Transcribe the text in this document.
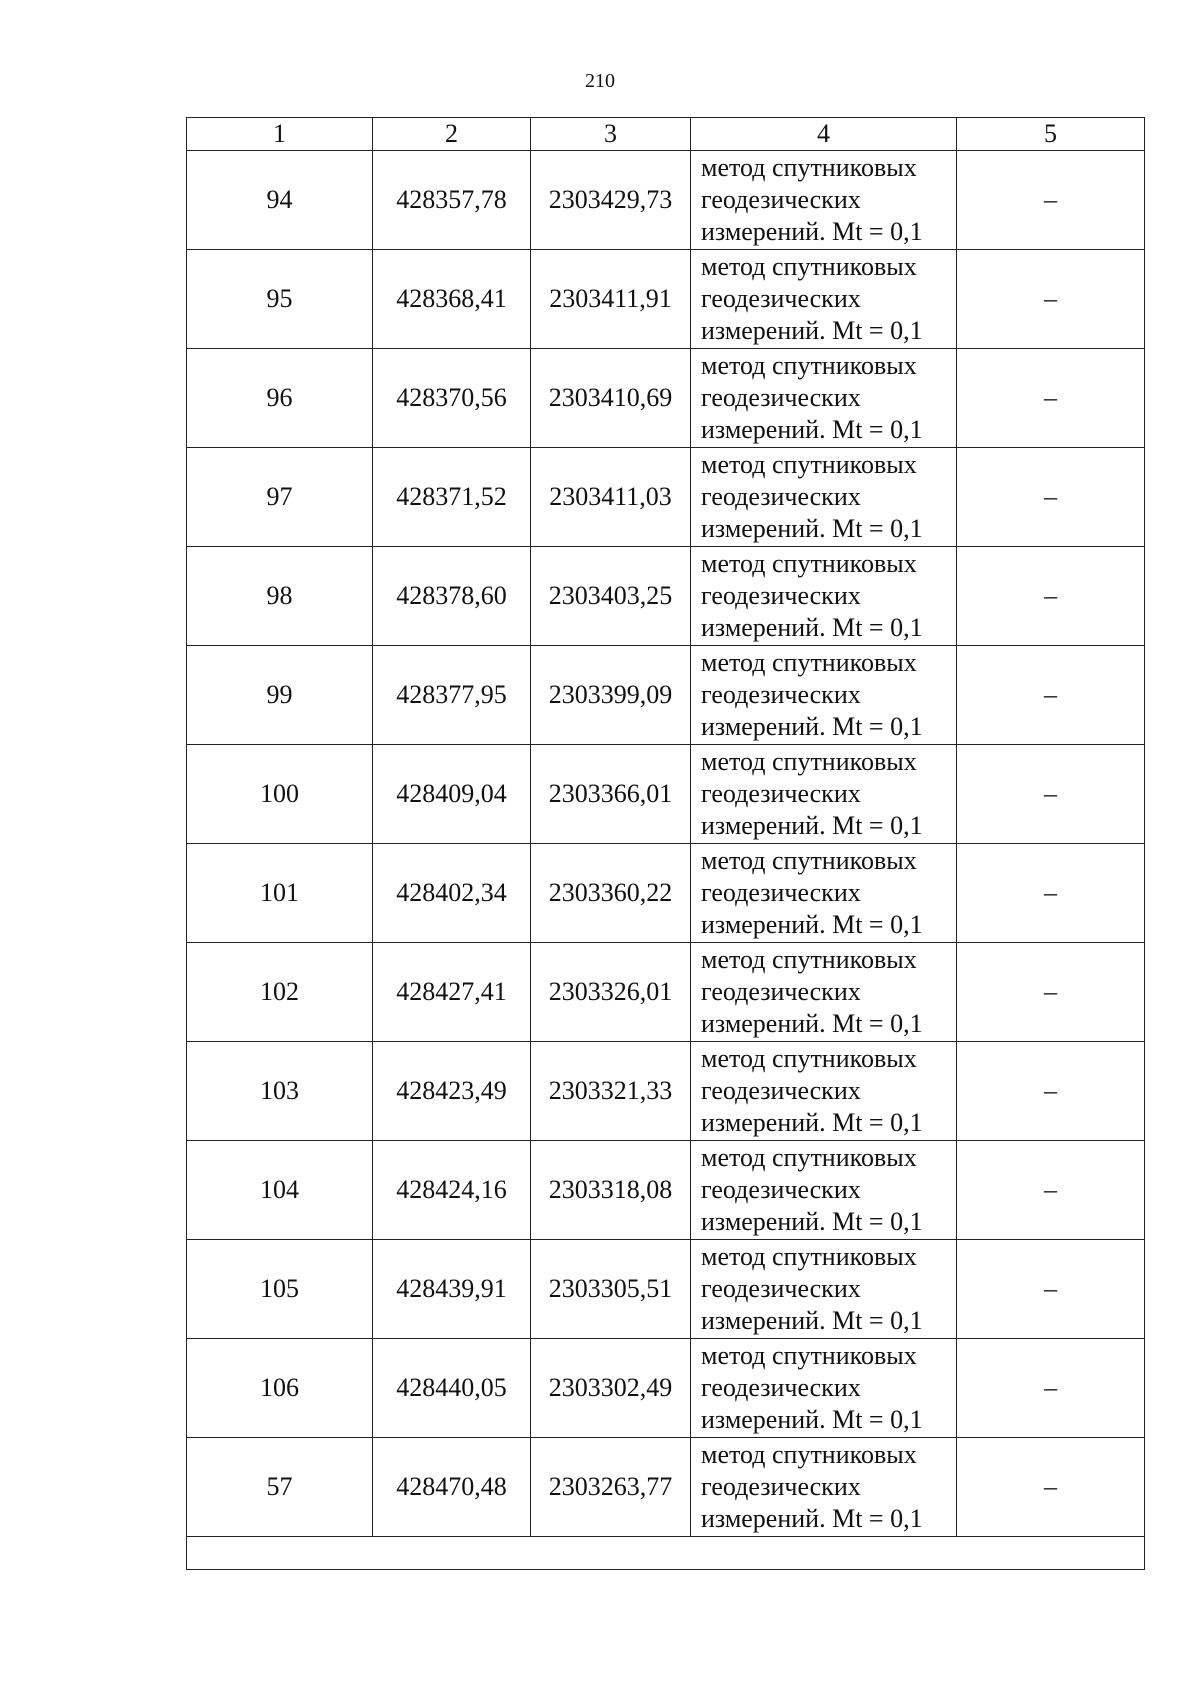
210
1	2	3	4	5
94	428357,78	2303429,73	метод спутниковых
геодезических
измерений. Mt = 0,1	–
95	428368,41	2303411,91	метод спутниковых
геодезических
измерений. Mt = 0,1	–
96	428370,56	2303410,69	метод спутниковых
геодезических
измерений. Mt = 0,1	–
97	428371,52	2303411,03	метод спутниковых
геодезических
измерений. Mt = 0,1	–
98	428378,60	2303403,25	метод спутниковых
геодезических
измерений. Mt = 0,1	–
99	428377,95	2303399,09	метод спутниковых
геодезических
измерений. Mt = 0,1	–
100	428409,04	2303366,01	метод спутниковых
геодезических
измерений. Mt = 0,1	–
101	428402,34	2303360,22	метод спутниковых
геодезических
измерений. Mt = 0,1	–
102	428427,41	2303326,01	метод спутниковых
геодезических
измерений. Mt = 0,1	–
103	428423,49	2303321,33	метод спутниковых
геодезических
измерений. Mt = 0,1	–
104	428424,16	2303318,08	метод спутниковых
геодезических
измерений. Mt = 0,1	–
105	428439,91	2303305,51	метод спутниковых
геодезических
измерений. Mt = 0,1	–
106	428440,05	2303302,49	метод спутниковых
геодезических
измерений. Mt = 0,1	–
57	428470,48	2303263,77	метод спутниковых
геодезических
измерений. Mt = 0,1	–
